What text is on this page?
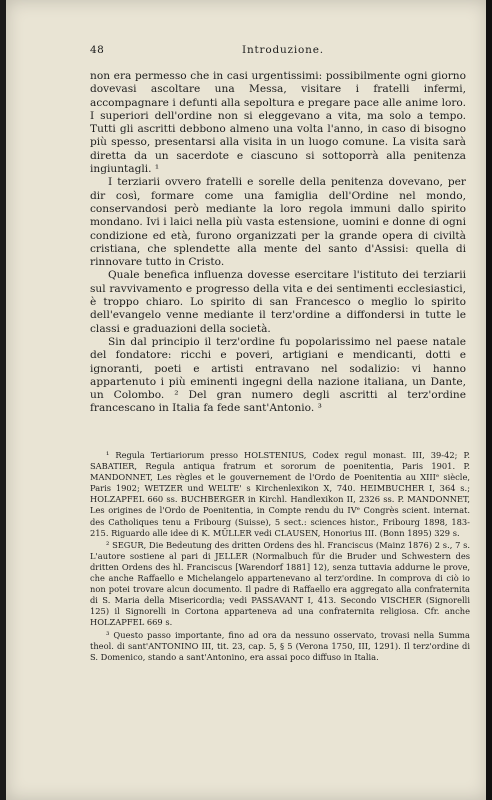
48	Introduzione.

non era permesso che in casi urgentissimi: possibilmente ogni giorno dovevasi ascoltare una Messa, visitare i fratelli infermi, accompagnare i defunti alla sepoltura e pregare pace alle anime loro. I superiori dell'ordine non si eleggevano a vita, ma solo a tempo. Tutti gli ascritti debbono almeno una volta l'anno, in caso di bisogno più spesso, presentarsi alla visita in un luogo comune. La visita sarà diretta da un sacerdote e ciascuno si sottoporrà alla penitenza ingiuntagli. ¹

I terziarii ovvero fratelli e sorelle della penitenza dovevano, per dir così, formare come una famiglia dell'Ordine nel mondo, conservandosi però mediante la loro regola immuni dallo spirito mondano. Ivi i laici nella più vasta estensione, uomini e donne di ogni condizione ed età, furono organizzati per la grande opera di civiltà cristiana, che splendette alla mente del santo d'Assisi: quella di rinnovare tutto in Cristo.

Quale benefica influenza dovesse esercitare l'istituto dei terziarii sul ravvivamento e progresso della vita e dei sentimenti ecclesiastici, è troppo chiaro. Lo spirito di san Francesco o meglio lo spirito dell'evangelo venne mediante il terz'ordine a diffondersi in tutte le classi e graduazioni della società.

Sin dal principio il terz'ordine fu popolarissimo nel paese natale del fondatore: ricchi e poveri, artigiani e mendicanti, dotti e ignoranti, poeti e artisti entravano nel sodalizio: vi hanno appartenuto i più eminenti ingegni della nazione italiana, un Dante, un Colombo. ² Del gran numero degli ascritti al terz'ordine francescano in Italia fa fede sant'Antonio. ³

¹ Regula Tertiariorum presso HOLSTENIUS, Codex regul monast. III, 39-42; P. SABATIER, Regula antiqua fratrum et sororum de poenitentia, Paris 1901. P. MANDONNET, Les règles et le gouvernement de l'Ordo de Poenitentia au XIIIᵉ siècle, Paris 1902; WETZER und WELTE' s Kirchenlexikon X, 740. HEIMBUCHER I, 364 s.; HOLZAPFEL 660 ss. BUCHBERGER in Kirchl. Handlexikon II, 2326 ss. P. MANDONNET, Les origines de l'Ordo de Poenitentia, in Compte rendu du IVᵉ Congrès scient. internat. des Catholiques tenu a Fribourg (Suisse), 5 sect.: sciences histor., Fribourg 1898, 183-215. Riguardo alle idee di K. MÜLLER vedi CLAUSEN, Honorius III. (Bonn 1895) 329 s.

² SEGUR, Die Bedeutung des dritten Ordens des hl. Franciscus (Mainz 1876) 2 s., 7 s. L'autore sostiene al pari di JELLER (Normalbuch für die Bruder und Schwestern des dritten Ordens des hl. Franciscus [Warendorf 1881] 12), senza tuttavia addurne le prove, che anche Raffaello e Michelangelo appartenevano al terz'ordine. In comprova di ciò io non potei trovare alcun documento. Il padre di Raffaello era aggregato alla confraternita di S. Maria della Misericordia; vedi PASSAVANT I, 413. Secondo VISCHER (Signorelli 125) il Signorelli in Cortona apparteneva ad una confraternita religiosa. Cfr. anche HOLZAPFEL 669 s.

³ Questo passo importante, fino ad ora da nessuno osservato, trovasi nella Summa theol. di sant'ANTONINO III, tit. 23, cap. 5, § 5 (Verona 1750, III, 1291). Il terz'ordine di S. Domenico, stando a sant'Antonino, era assai poco diffuso in Italia.
